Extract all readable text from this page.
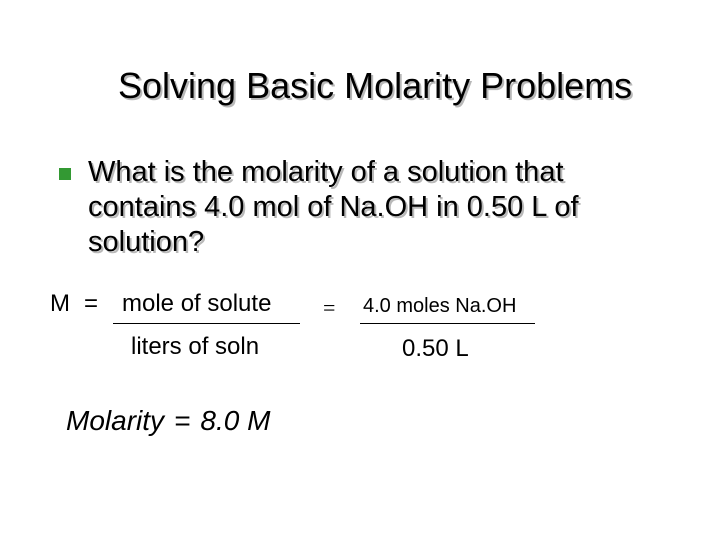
Solving Basic Molarity Problems
What is the molarity of a solution that
contains 4.0 mol of Na.OH in 0.50 L of
solution?
M = mole of solute
liters of soln
= 4.0 moles Na.OH
0.50 L
Molarity = 8.0 M
